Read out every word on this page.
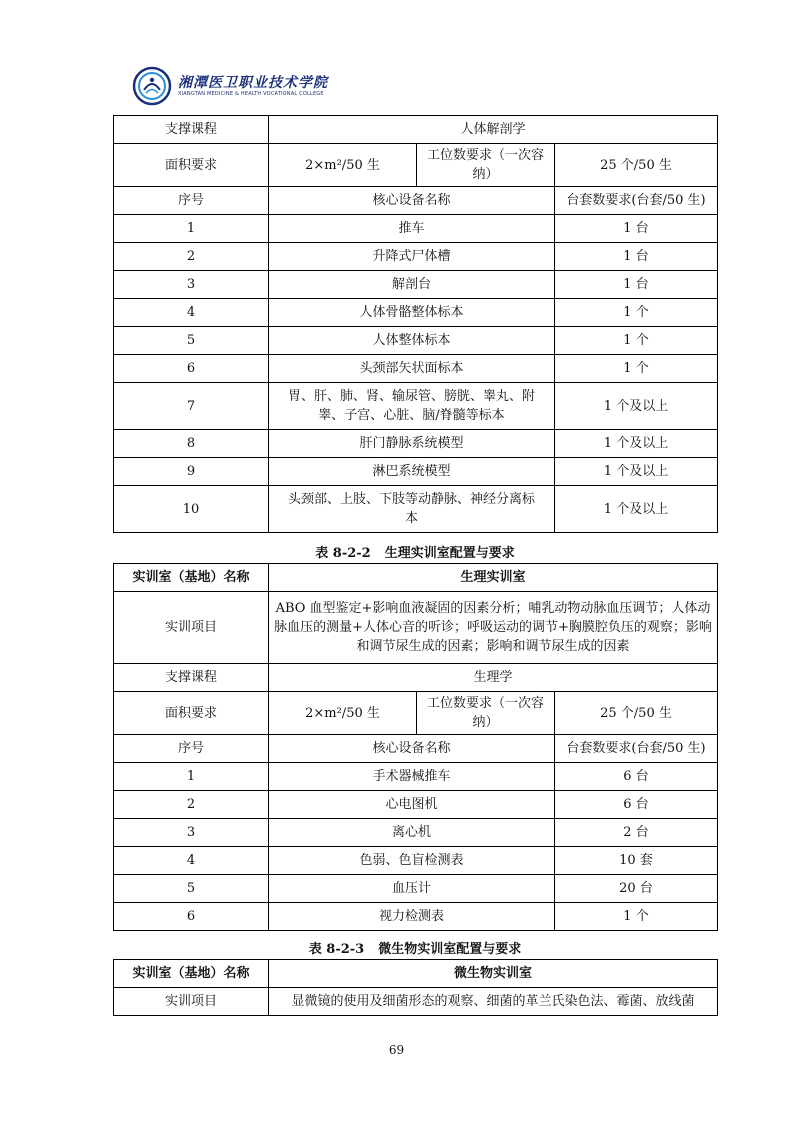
湘潭医卫职业技术学院
XIANGTAN MEDICINE & HEALTH VOCATIONAL COLLEGE
支撑课程	人体解剖学		
面积要求	2×m²/50 生	工位数要求（一次容纳）	25 个/50 生
序号	核心设备名称		台套数要求(台套/50 生)
1	推车		1 台
2	升降式尸体槽		1 台
3	解剖台		1 台
4	人体骨骼整体标本		1 个
5	人体整体标本		1 个
6	头颈部矢状面标本		1 个
7	胃、肝、肺、肾、输尿管、膀胱、睾丸、附睾、子宫、心脏、脑/脊髓等标本		1 个及以上
8	肝门静脉系统模型		1 个及以上
9	淋巴系统模型		1 个及以上
10	头颈部、上肢、下肢等动静脉、神经分离标本		1 个及以上
表 8-2-2 生理实训室配置与要求
实训室（基地）名称	生理实训室		
实训项目	ABO 血型鉴定+影响血液凝固的因素分析；哺乳动物动脉血压调节；人体动脉血压的测量+人体心音的听诊；呼吸运动的调节+胸膜腔负压的观察；影响和调节尿生成的因素；影响和调节尿生成的因素		
支撑课程	生理学		
面积要求	2×m²/50 生	工位数要求（一次容纳）	25 个/50 生
序号	核心设备名称		台套数要求(台套/50 生)
1	手术器械推车		6 台
2	心电图机		6 台
3	离心机		2 台
4	色弱、色盲检测表		10 套
5	血压计		20 台
6	视力检测表		1 个
表 8-2-3 微生物实训室配置与要求
实训室（基地）名称	微生物实训室
实训项目	显微镜的使用及细菌形态的观察、细菌的革兰氏染色法、霉菌、放线菌
69
